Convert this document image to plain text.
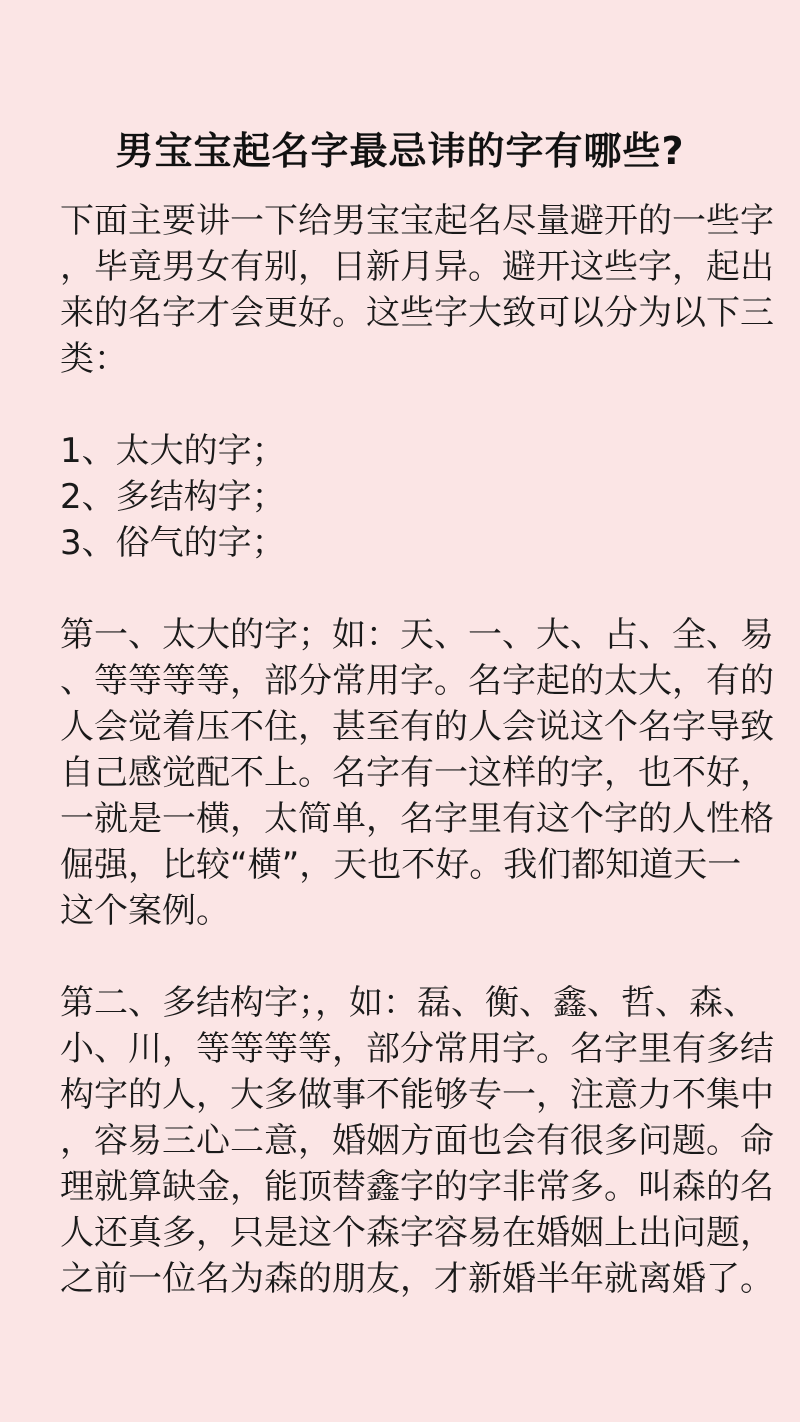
男宝宝起名字最忌讳的字有哪些?

下面主要讲一下给男宝宝起名尽量避开的一些字
，毕竟男女有别，日新月异。避开这些字，起出
来的名字才会更好。这些字大致可以分为以下三
类：

1、太大的字；
2、多结构字；
3、俗气的字；

第一、太大的字；如：天、一、大、占、全、易
、等等等等，部分常用字。名字起的太大，有的
人会觉着压不住，甚至有的人会说这个名字导致
自己感觉配不上。名字有一这样的字，也不好，
一就是一横，太简单，名字里有这个字的人性格
倔强，比较“横”，天也不好。我们都知道天一
这个案例。

第二、多结构字；，如：磊、衡、鑫、哲、森、
小、川，等等等等，部分常用字。名字里有多结
构字的人，大多做事不能够专一，注意力不集中
，容易三心二意，婚姻方面也会有很多问题。命
理就算缺金，能顶替鑫字的字非常多。叫森的名
人还真多，只是这个森字容易在婚姻上出问题，
之前一位名为森的朋友，才新婚半年就离婚了。
